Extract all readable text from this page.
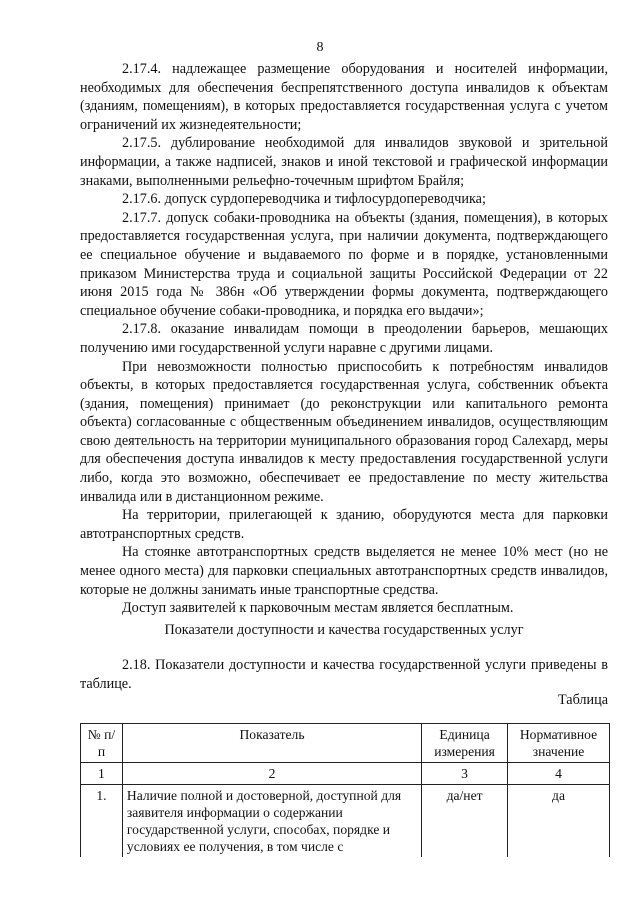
8

2.17.4. надлежащее размещение оборудования и носителей информации, необходимых для обеспечения беспрепятственного доступа инвалидов к объектам (зданиям, помещениям), в которых предоставляется государственная услуга с учетом ограничений их жизнедеятельности;

2.17.5. дублирование необходимой для инвалидов звуковой и зрительной информации, а также надписей, знаков и иной текстовой и графической информации знаками, выполненными рельефно-точечным шрифтом Брайля;

2.17.6. допуск сурдопереводчика и тифлосурдопереводчика;

2.17.7. допуск собаки-проводника на объекты (здания, помещения), в которых предоставляется государственная услуга, при наличии документа, подтверждающего ее специальное обучение и выдаваемого по форме и в порядке, установленными приказом Министерства труда и социальной защиты Российской Федерации от 22 июня 2015 года № 386н «Об утверждении формы документа, подтверждающего специальное обучение собаки-проводника, и порядка его выдачи»;

2.17.8. оказание инвалидам помощи в преодолении барьеров, мешающих получению ими государственной услуги наравне с другими лицами.

При невозможности полностью приспособить к потребностям инвалидов объекты, в которых предоставляется государственная услуга, собственник объекта (здания, помещения) принимает (до реконструкции или капитального ремонта объекта) согласованные с общественным объединением инвалидов, осуществляющим свою деятельность на территории муниципального образования город Салехард, меры для обеспечения доступа инвалидов к месту предоставления государственной услуги либо, когда это возможно, обеспечивает ее предоставление по месту жительства инвалида или в дистанционном режиме.

На территории, прилегающей к зданию, оборудуются места для парковки автотранспортных средств.

На стоянке автотранспортных средств выделяется не менее 10% мест (но не менее одного места) для парковки специальных автотранспортных средств инвалидов, которые не должны занимать иные транспортные средства.

Доступ заявителей к парковочным местам является бесплатным.

Показатели доступности и качества государственных услуг
2.18. Показатели доступности и качества государственной услуги приведены в таблице.
Таблица
№ п/п	Показатель	Единица измерения	Нормативное значение
1	2	3	4
1.	Наличие полной и достоверной, доступной для заявителя информации о содержании государственной услуги, способах, порядке и условиях ее получения, в том числе с	да/нет	да
